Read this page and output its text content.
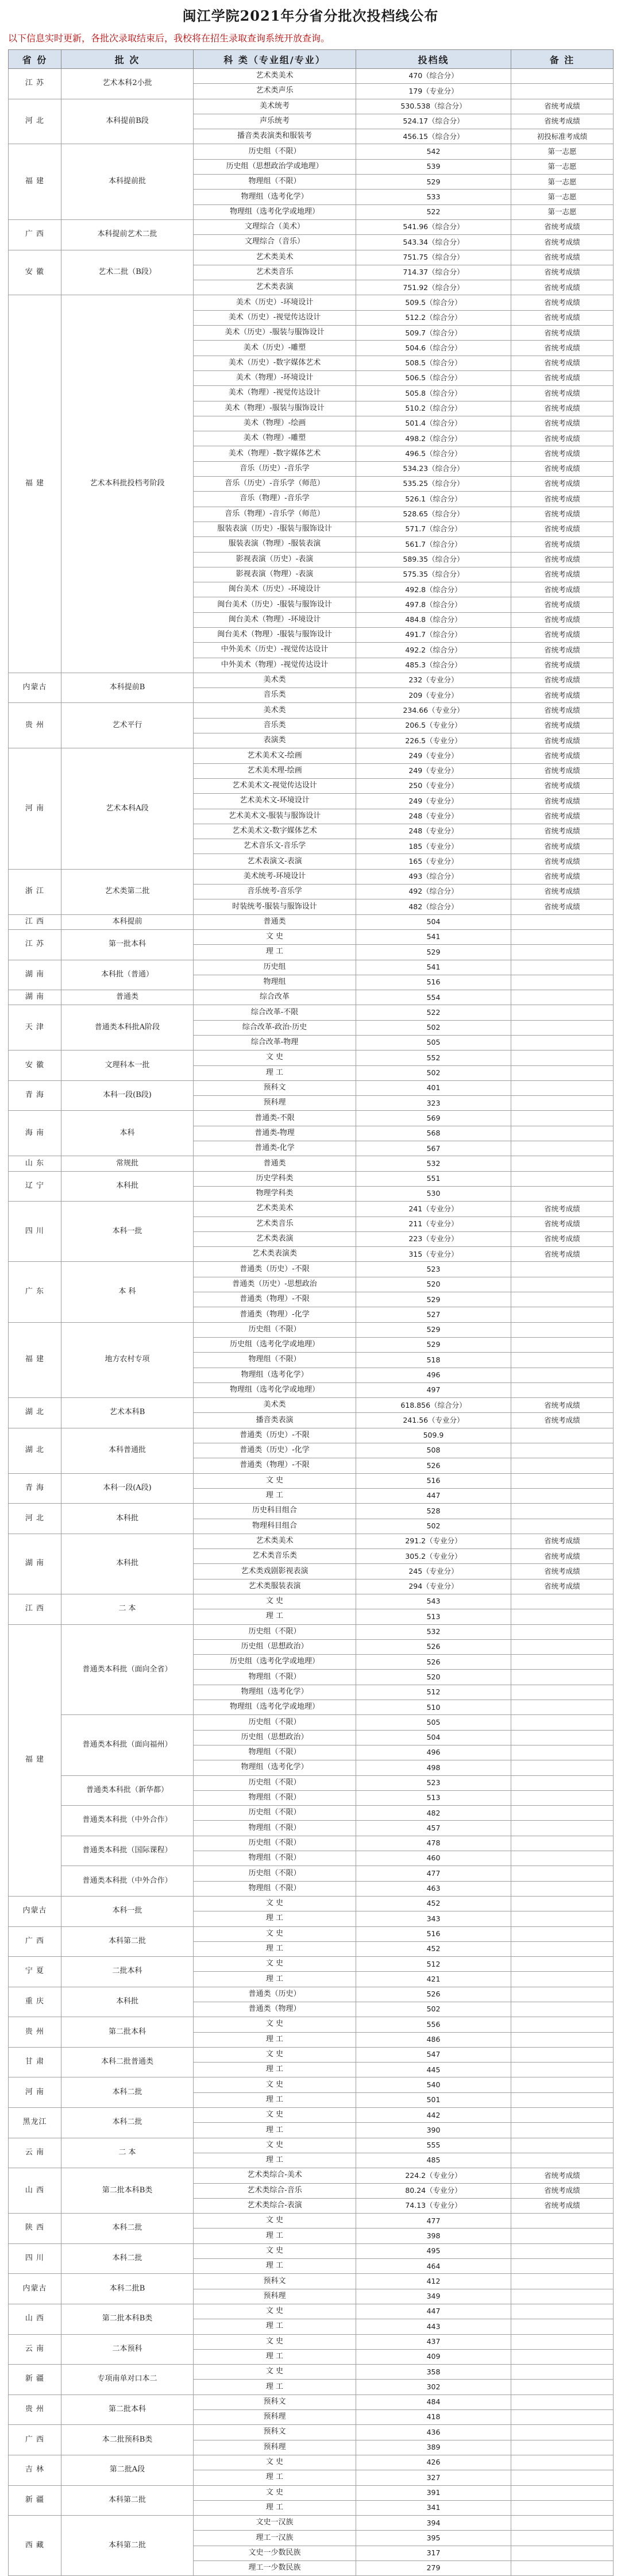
闽江学院2021年分省分批次投档线公布
以下信息实时更新，各批次录取结束后，我校将在招生录取查询系统开放查询。
省 份	批 次	科 类（专业组/专业）	投档线	备 注
江 苏	艺术本科2小批	艺术类美术	470（综合分）	
		艺术类声乐	179（专业分）	
河 北	本科提前B段	美术统考	530.538（综合分）	省统考成绩
		声乐统考	524.17（综合分）	省统考成绩
		播音类表演类和服装考	456.15（综合分）	初投标准考成绩
福 建	本科提前批	历史组（不限）	542	第一志愿
		历史组（思想政治学或地理）	539	第一志愿
		物理组（不限）	529	第一志愿
		物理组（选考化学）	533	第一志愿
		物理组（选考化学或地理）	522	第一志愿
广 西	本科提前艺术二批	文理综合（美术）	541.96（综合分）	省统考成绩
		文理综合（音乐）	543.34（综合分）	省统考成绩
安 徽	艺术二批（B段）	艺术类美术	751.75（综合分）	省统考成绩
		艺术类音乐	714.37（综合分）	省统考成绩
		艺术类表演	751.92（综合分）	省统考成绩
福 建	艺术本科批投档考阶段	美术（历史）-环境设计	509.5（综合分）	省统考成绩
		美术（历史）-视觉传达设计	512.2（综合分）	省统考成绩
		美术（历史）-服装与服饰设计	509.7（综合分）	省统考成绩
		美术（历史）-雕塑	504.6（综合分）	省统考成绩
		美术（历史）-数字媒体艺术	508.5（综合分）	省统考成绩
		美术（物理）-环境设计	506.5（综合分）	省统考成绩
		美术（物理）-视觉传达设计	505.8（综合分）	省统考成绩
		美术（物理）-服装与服饰设计	510.2（综合分）	省统考成绩
		美术（物理）-绘画	501.4（综合分）	省统考成绩
		美术（物理）-雕塑	498.2（综合分）	省统考成绩
		美术（物理）-数字媒体艺术	496.5（综合分）	省统考成绩
		音乐（历史）-音乐学	534.23（综合分）	省统考成绩
		音乐（历史）-音乐学（师范）	535.25（综合分）	省统考成绩
		音乐（物理）-音乐学	526.1（综合分）	省统考成绩
		音乐（物理）-音乐学（师范）	528.65（综合分）	省统考成绩
		服装表演（历史）-服装与服饰设计	571.7（综合分）	省统考成绩
		服装表演（物理）-服装表演	561.7（综合分）	省统考成绩
		影视表演（历史）-表演	589.35（综合分）	省统考成绩
		影视表演（物理）-表演	575.35（综合分）	省统考成绩
		闽台美术（历史）-环境设计	492.8（综合分）	省统考成绩
		闽台美术（历史）-服装与服饰设计	497.8（综合分）	省统考成绩
		闽台美术（物理）-环境设计	484.8（综合分）	省统考成绩
		闽台美术（物理）-服装与服饰设计	491.7（综合分）	省统考成绩
		中外美术（历史）-视觉传达设计	492.2（综合分）	省统考成绩
		中外美术（物理）-视觉传达设计	485.3（综合分）	省统考成绩
内蒙古	本科提前B	美术类	232（专业分）	省统考成绩
		音乐类	209（专业分）	省统考成绩
贵 州	艺术平行	美术类	234.66（专业分）	省统考成绩
		音乐类	206.5（专业分）	省统考成绩
		表演类	226.5（专业分）	省统考成绩
河 南	艺术本科A段	艺术美术文-绘画	249（专业分）	省统考成绩
		艺术美术理-绘画	249（专业分）	省统考成绩
		艺术美术文-视觉传达设计	250（专业分）	省统考成绩
		艺术美术文-环境设计	249（专业分）	省统考成绩
		艺术美术文-服装与服饰设计	248（专业分）	省统考成绩
		艺术美术文-数字媒体艺术	248（专业分）	省统考成绩
		艺术音乐文-音乐学	185（专业分）	省统考成绩
		艺术表演文-表演	165（专业分）	省统考成绩
浙 江	艺术类第二批	美术统考-环境设计	493（综合分）	省统考成绩
		音乐统考-音乐学	492（综合分）	省统考成绩
		时装统考-服装与服饰设计	482（综合分）	省统考成绩
江 西	本科提前	普通类	504	
江 苏	第一批本科	文 史	541	
		理 工	529	
湖 南	本科批（普通）	历史组	541	
		物理组	516	
湖 南	普通类	综合改革	554	
天 津	普通类本科批A阶段	综合改革-不限	522	
		综合改革-政治·历史	502	
		综合改革-物理	505	
安 徽	文理科本一批	文 史	552	
		理 工	502	
青 海	本科一段(B段)	预科文	401	
		预科理	323	
海 南	本科	普通类-不限	569	
		普通类-物理	568	
		普通类-化学	567	
山 东	常规批	普通类	532	
辽 宁	本科批	历史学科类	551	
		物理学科类	530	
四 川	本科一批	艺术类美术	241（专业分）	省统考成绩
		艺术类音乐	211（专业分）	省统考成绩
		艺术类表演	223（专业分）	省统考成绩
		艺术类表演类	315（专业分）	省统考成绩
广 东	本 科	普通类（历史）-不限	523	
		普通类（历史）-思想政治	520	
		普通类（物理）-不限	529	
		普通类（物理）-化学	527	
福 建	地方农村专项	历史组（不限）	529	
		历史组（选考化学或地理）	529	
		物理组（不限）	518	
		物理组（选考化学）	496	
		物理组（选考化学或地理）	497	
湖 北	艺术本科B	美术类	618.856（综合分）	省统考成绩
		播音类表演	241.56（专业分）	省统考成绩
湖 北	本科普通批	普通类（历史）-不限	509.9	
		普通类（历史）-化学	508	
		普通类（物理）-不限	526	
青 海	本科一段(A段)	文 史	516	
		理 工	447	
河 北	本科批	历史科目组合	528	
		物理科目组合	502	
湖 南	本科批	艺术类美术	291.2（专业分）	省统考成绩
		艺术类音乐类	305.2（专业分）	省统考成绩
		艺术类戏剧影视表演	245（专业分）	省统考成绩
		艺术类服装表演	294（专业分）	省统考成绩
江 西	二 本	文 史	543	
		理 工	513	
福 建	普通类本科批（面向全省）	历史组（不限）	532	
		历史组（思想政治）	526	
		历史组（选考化学或地理）	526	
		物理组（不限）	520	
		物理组（选考化学）	512	
		物理组（选考化学或地理）	510	
	普通类本科批（面向福州）	历史组（不限）	505	
		历史组（思想政治）	504	
		物理组（不限）	496	
		物理组（选考化学）	498	
	普通类本科批（新华都）	历史组（不限）	523	
		物理组（不限）	513	
	普通类本科批（中外合作）	历史组（不限）	482	
		物理组（不限）	457	
	普通类本科批（国际课程）	历史组（不限）	478	
		物理组（不限）	460	
	普通类本科批（中外合作）	历史组（不限）	477	
		物理组（不限）	463	
内蒙古	本科一批	文 史	452	
		理 工	343	
广 西	本科第二批	文 史	516	
		理 工	452	
宁 夏	二批本科	文 史	512	
		理 工	421	
重 庆	本科批	普通类（历史）	526	
		普通类（物理）	502	
贵 州	第二批本科	文 史	556	
		理 工	486	
甘 肃	本科二批普通类	文 史	547	
		理 工	445	
河 南	本科二批	文 史	540	
		理 工	501	
黑龙江	本科二批	文 史	442	
		理 工	390	
云 南	二 本	文 史	555	
		理 工	485	
山 西	第二批本科B类	艺术类综合-美术	224.2（专业分）	省统考成绩
		艺术类综合-音乐	80.24（专业分）	省统考成绩
		艺术类综合-表演	74.13（专业分）	省统考成绩
陕 西	本科二批	文 史	477	
		理 工	398	
四 川	本科二批	文 史	495	
		理 工	464	
内蒙古	本科二批B	预科文	412	
		预科理	349	
山 西	第二批本科B类	文 史	447	
		理 工	443	
云 南	二本预科	文 史	437	
		理 工	409	
新 疆	专项南单对口本二	文 史	358	
		理 工	302	
贵 州	第二批本科	预科文	484	
		预科理	418	
广 西	本二批预科B类	预科文	436	
		预科理	389	
吉 林	第二批A段	文 史	426	
		理 工	327	
新 疆	本科第二批	文 史	391	
		理 工	341	
西 藏	本科第二批	文史一汉族	394	
		理工一汉族	395	
		文史一少数民族	317	
		理工一少数民族	279	
